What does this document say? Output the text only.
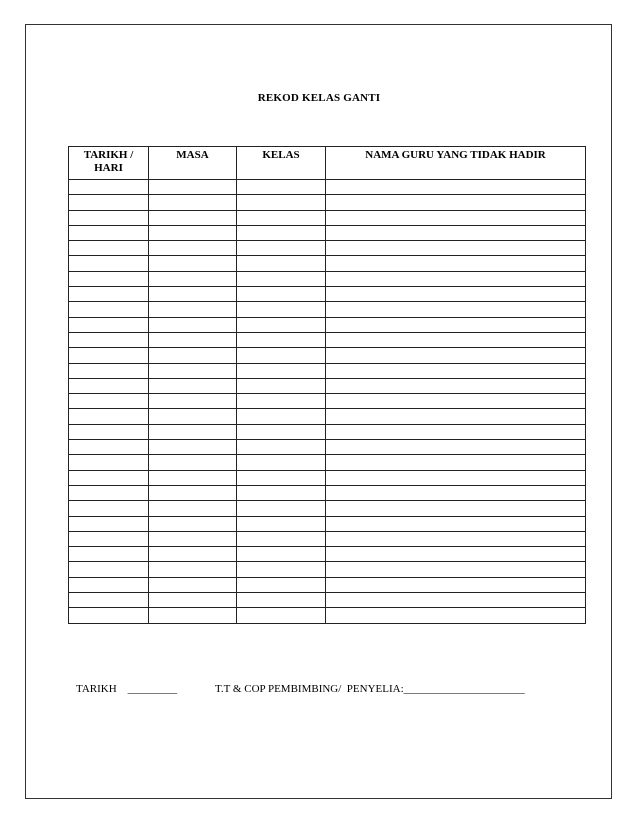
REKOD KELAS GANTI
TARIKH / HARI	MASA	KELAS	NAMA GURU YANG TIDAK HADIR

TARIKH    _________	T.T & COP PEMBIMBING/  PENYELIA:______________________
